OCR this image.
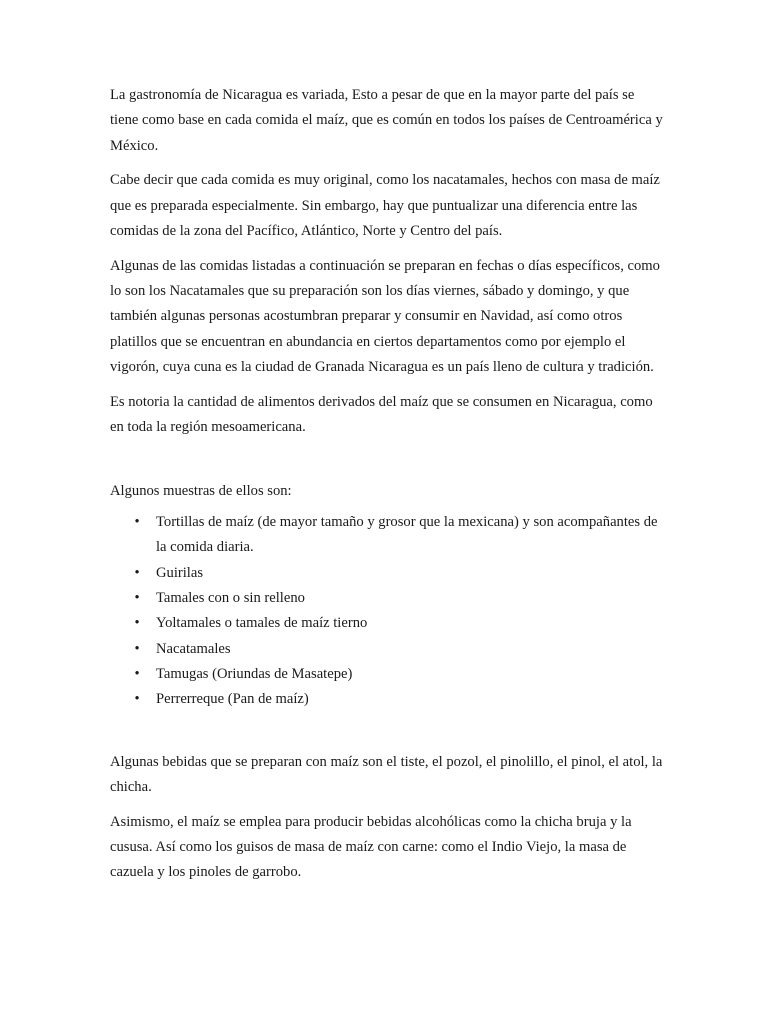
La gastronomía de Nicaragua es variada, Esto a pesar de que en la mayor parte del país se tiene como base en cada comida el maíz, que es común en todos los países de Centroamérica y México.

Cabe decir que cada comida es muy original, como los nacatamales, hechos con masa de maíz que es preparada especialmente. Sin embargo, hay que puntualizar una diferencia entre las comidas de la zona del Pacífico, Atlántico, Norte y Centro del país.

Algunas de las comidas listadas a continuación se preparan en fechas o días específicos, como lo son los Nacatamales que su preparación son los días viernes, sábado y domingo, y que también algunas personas acostumbran preparar y consumir en Navidad, así como otros platillos que se encuentran en abundancia en ciertos departamentos como por ejemplo el vigorón, cuya cuna es la ciudad de Granada Nicaragua es un país lleno de cultura y tradición.

Es notoria la cantidad de alimentos derivados del maíz que se consumen en Nicaragua, como en toda la región mesoamericana.

Algunos muestras de ellos son:

• Tortillas de maíz (de mayor tamaño y grosor que la mexicana) y son acompañantes de la comida diaria.
• Guirilas
• Tamales con o sin relleno
• Yoltamales o tamales de maíz tierno
• Nacatamales
• Tamugas (Oriundas de Masatepe)
• Perrerreque (Pan de maíz)

Algunas bebidas que se preparan con maíz son el tiste, el pozol, el pinolillo, el pinol, el atol, la chicha.

Asimismo, el maíz se emplea para producir bebidas alcohólicas como la chicha bruja y la cususa. Así como los guisos de masa de maíz con carne: como el Indio Viejo, la masa de cazuela y los pinoles de garrobo.
